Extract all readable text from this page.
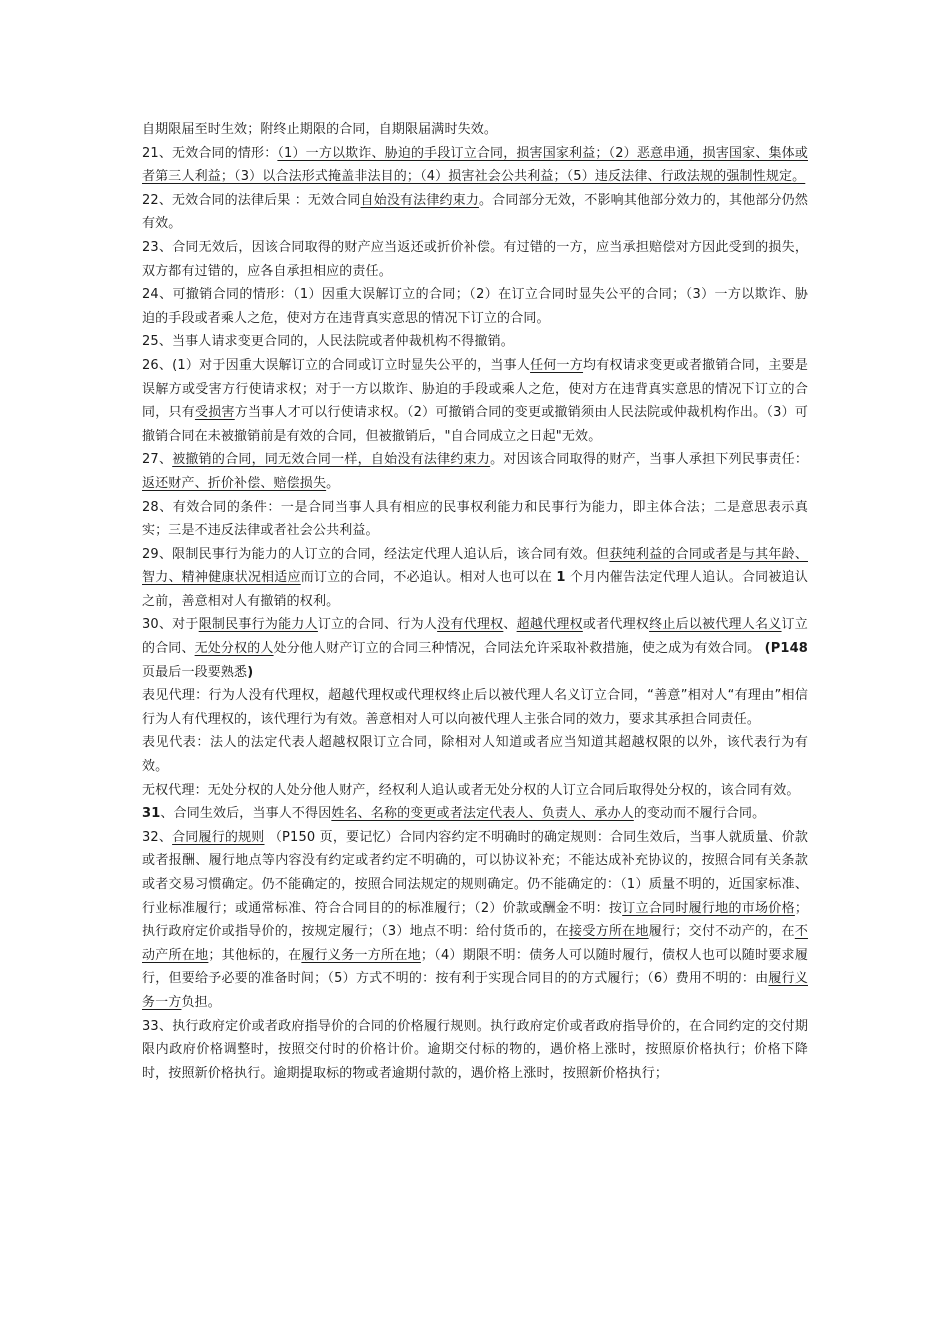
自期限届至时生效；附终止期限的合同，自期限届满时失效。

21、无效合同的情形：（1）一方以欺诈、胁迫的手段订立合同，损害国家利益；（2）恶意串通，损害国家、集体或者第三人利益；（3）以合法形式掩盖非法目的；（4）损害社会公共利益；（5）违反法律、行政法规的强制性规定。

22、无效合同的法律后果 ：无效合同自始没有法律约束力。合同部分无效，不影响其他部分效力的，其他部分仍然有效。

23、合同无效后，因该合同取得的财产应当返还或折价补偿。有过错的一方，应当承担赔偿对方因此受到的损失，双方都有过错的，应各自承担相应的责任。

24、可撤销合同的情形：（1）因重大误解订立的合同；（2）在订立合同时显失公平的合同；（3）一方以欺诈、胁迫的手段或者乘人之危，使对方在违背真实意思的情况下订立的合同。

25、当事人请求变更合同的，人民法院或者仲裁机构不得撤销。

26、(1）对于因重大误解订立的合同或订立时显失公平的，当事人任何一方均有权请求变更或者撤销合同，主要是误解方或受害方行使请求权；对于一方以欺诈、胁迫的手段或乘人之危，使对方在违背真实意思的情况下订立的合同，只有受损害方当事人才可以行使请求权。（2）可撤销合同的变更或撤销须由人民法院或仲裁机构作出。（3）可撤销合同在未被撤销前是有效的合同，但被撤销后，"自合同成立之日起"无效。

27、被撤销的合同，同无效合同一样，自始没有法律约束力。对因该合同取得的财产，当事人承担下列民事责任：返还财产、折价补偿、赔偿损失。

28、有效合同的条件：一是合同当事人具有相应的民事权利能力和民事行为能力，即主体合法；二是意思表示真实；三是不违反法律或者社会公共利益。

29、限制民事行为能力的人订立的合同，经法定代理人追认后，该合同有效。但获纯利益的合同或者是与其年龄、智力、精神健康状况相适应而订立的合同，不必追认。相对人也可以在 1 个月内催告法定代理人追认。合同被追认之前，善意相对人有撤销的权利。

30、对于限制民事行为能力人订立的合同、行为人没有代理权、超越代理权或者代理权终止后以被代理人名义订立的合同、无处分权的人处分他人财产订立的合同三种情况，合同法允许采取补救措施，使之成为有效合同。 (P148 页最后一段要熟悉)

表见代理：行为人没有代理权，超越代理权或代理权终止后以被代理人名义订立合同，“善意”相对人“有理由”相信行为人有代理权的，该代理行为有效。善意相对人可以向被代理人主张合同的效力，要求其承担合同责任。

表见代表：法人的法定代表人超越权限订立合同，除相对人知道或者应当知道其超越权限的以外，该代表行为有效。

无权代理：无处分权的人处分他人财产，经权利人追认或者无处分权的人订立合同后取得处分权的，该合同有效。

31、合同生效后，当事人不得因姓名、名称的变更或者法定代表人、负责人、承办人的变动而不履行合同。

32、合同履行的规则 （P150 页，要记忆）合同内容约定不明确时的确定规则：合同生效后，当事人就质量、价款或者报酬、履行地点等内容没有约定或者约定不明确的，可以协议补充；不能达成补充协议的，按照合同有关条款或者交易习惯确定。仍不能确定的，按照合同法规定的规则确定。仍不能确定的：（1）质量不明的，近国家标准、行业标准履行；或通常标准、符合合同目的的标准履行；（2）价款或酬金不明：按订立合同时履行地的市场价格；执行政府定价或指导价的，按规定履行；（3）地点不明：给付货币的，在接受方所在地履行；交付不动产的，在不动产所在地；其他标的，在履行义务一方所在地；（4）期限不明：债务人可以随时履行，债权人也可以随时要求履行，但要给予必要的准备时间；（5）方式不明的：按有利于实现合同目的的方式履行；（6）费用不明的：由履行义务一方负担。

33、执行政府定价或者政府指导价的合同的价格履行规则。执行政府定价或者政府指导价的，在合同约定的交付期限内政府价格调整时，按照交付时的价格计价。逾期交付标的物的，遇价格上涨时，按照原价格执行；价格下降时，按照新价格执行。逾期提取标的物或者逾期付款的，遇价格上涨时，按照新价格执行；
